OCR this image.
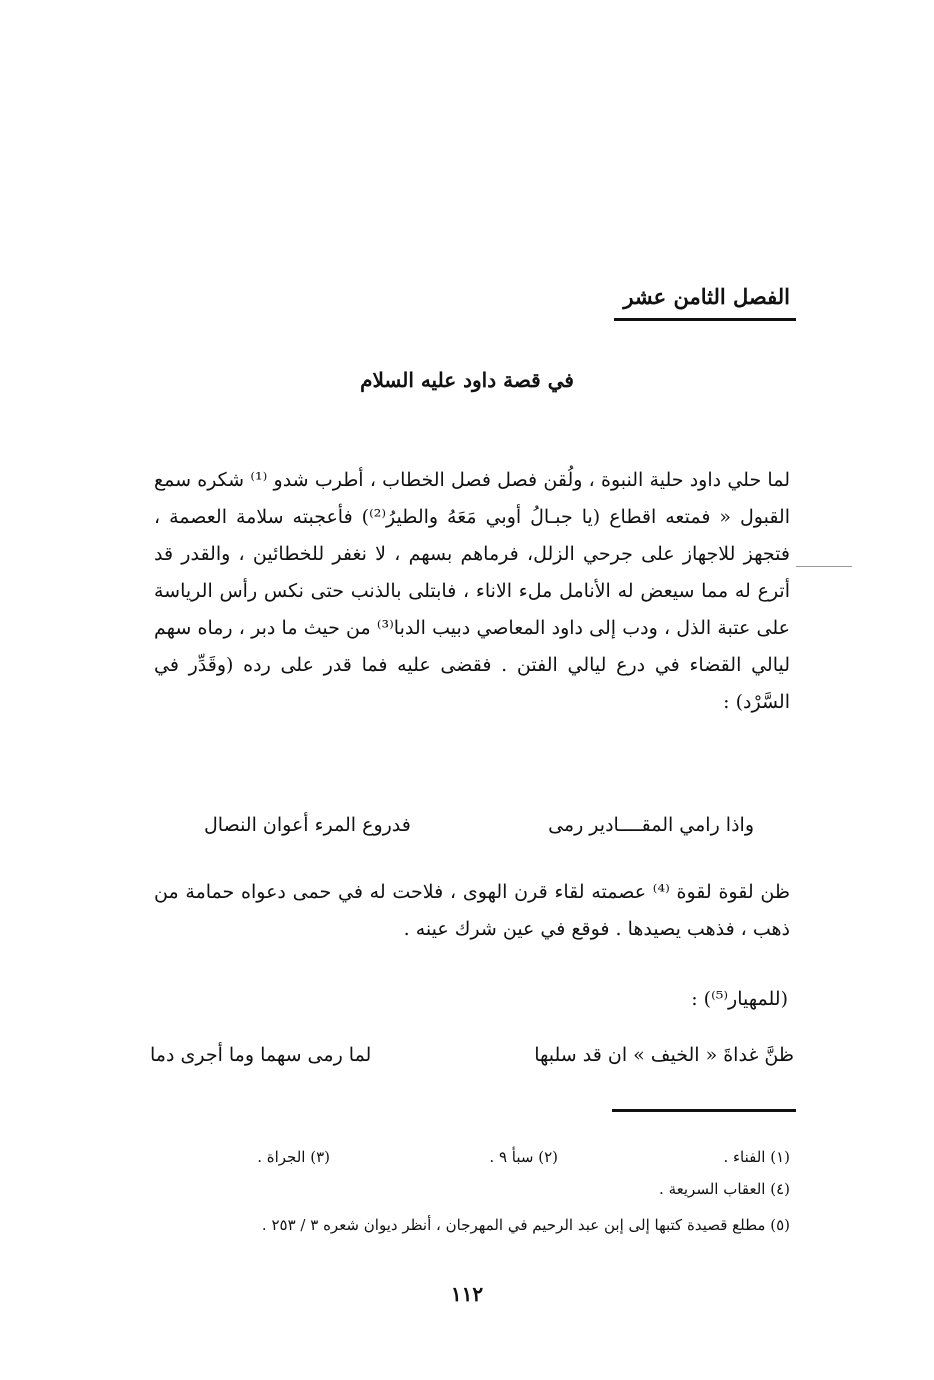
الفصل الثامن عشر
في قصة داود عليه السلام
لما حلي داود حلية النبوة ، ولُقن فصل فصل الخطاب ، أطرب شدو ⁽¹⁾ شكره سمع القبول « فمتعه اقطاع (يا جبـالُ أوبي مَعَهُ والطيرُ⁽²⁾) فأعجبته سلامة العصمة ، فتجهز للاجهاز على جرحي الزلل، فرماهم بسهم ، لا نغفر للخطائين ، والقدر قد أترع له مما سيعض له الأنامل ملء الاناء ، فابتلى بالذنب حتى نكس رأس الرياسة على عتبة الذل ، ودب إلى داود المعاصي دبيب الدبا⁽³⁾ من حيث ما دبر ، رماه سهم ليالي القضاء في درع ليالي الفتن . فقضى عليه فما قدر على رده (وقَدِّر في السَّرْد) :
واذا رامي المقــــادير رمى
فدروع المرء أعوان النصال
ظن لقوة لقوة ⁽⁴⁾ عصمته لقاء قرن الهوى ، فلاحت له في حمى دعواه حمامة من ذهب ، فذهب يصيدها . فوقع في عين شرك عينه .
(للمهيار⁽⁵⁾) :
ظنَّ غداةَ « الخيف » ان قد سلبها
لما رمى سهما وما أجرى دما
(١) الفناء .
(٢) سبأ ٩ .
(٣) الجراة .
(٤) العقاب السريعة .
(٥) مطلع قصيدة كتبها إلى إبن عبد الرحيم في المهرجان ، أنظر ديوان شعره ٣ / ٢٥٣ .
١١٢
